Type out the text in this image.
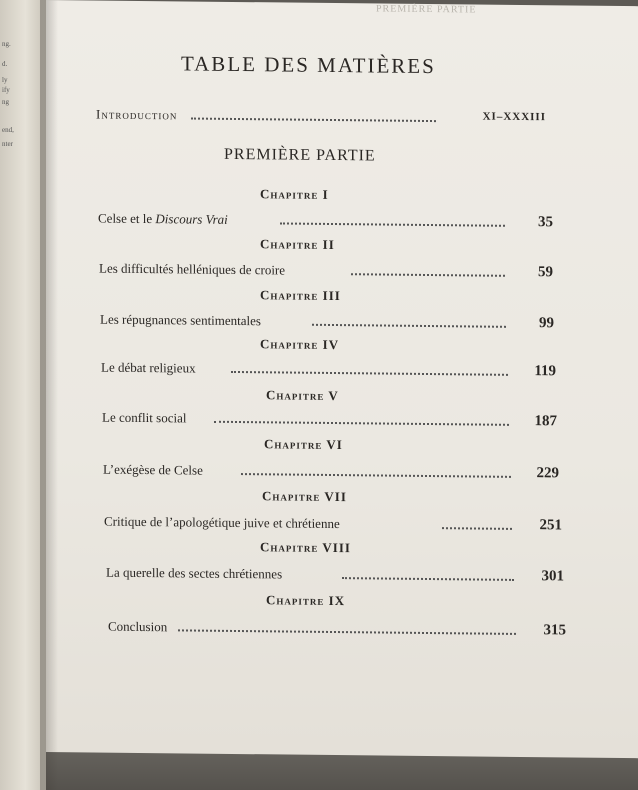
ng.
d.
ly
ify
ng
end,
nter
PREMIÈRE PARTIE
TABLE DES MATIÈRES
Introduction	XI–XXXIII
PREMIÈRE PARTIE
Chapitre I
Celse et le Discours Vrai	35
Chapitre II
Les difficultés helléniques de croire	59
Chapitre III
Les répugnances sentimentales	99
Chapitre IV
Le débat religieux	119
Chapitre V
Le conflit social	187
Chapitre VI
L’exégèse de Celse	229
Chapitre VII
Critique de l’apologétique juive et chrétienne	251
Chapitre VIII
La querelle des sectes chrétiennes	301
Chapitre IX
Conclusion	315
